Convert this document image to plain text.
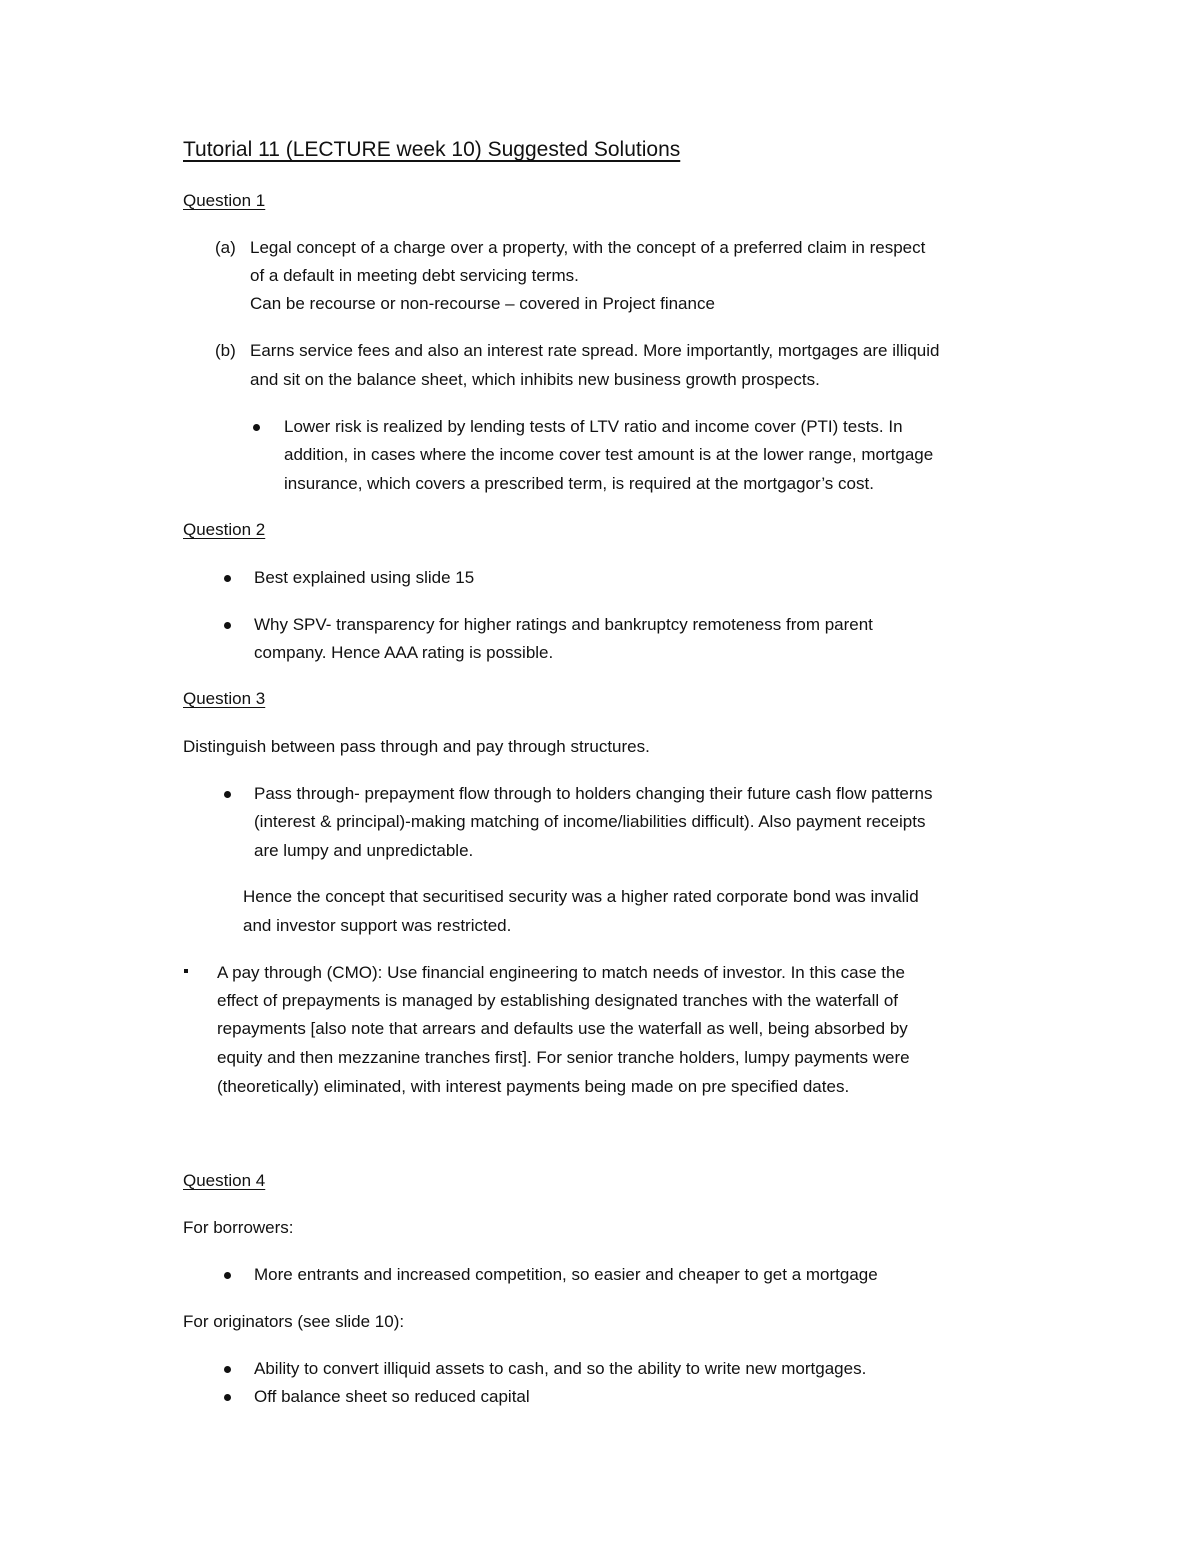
Tutorial 11 (LECTURE week 10) Suggested Solutions
Question 1
(a) Legal concept of a charge over a property, with the concept of a preferred claim in respect
of a default in meeting debt servicing terms.
Can be recourse or non-recourse – covered in Project finance
(b) Earns service fees and also an interest rate spread. More importantly, mortgages are illiquid
and sit on the balance sheet, which inhibits new business growth prospects.
Lower risk is realized by lending tests of LTV ratio and income cover (PTI) tests. In
addition, in cases where the income cover test amount is at the lower range, mortgage
insurance, which covers a prescribed term, is required at the mortgagor’s cost.
Question 2
Best explained using slide 15
Why SPV- transparency for higher ratings and bankruptcy remoteness from parent
company. Hence AAA rating is possible.
Question 3
Distinguish between pass through and pay through structures.
Pass through- prepayment flow through to holders changing their future cash flow patterns
(interest & principal)-making matching of income/liabilities difficult). Also payment receipts
are lumpy and unpredictable.
Hence the concept that securitised security was a higher rated corporate bond was invalid
and investor support was restricted.
A pay through (CMO): Use financial engineering to match needs of investor. In this case the
effect of prepayments is managed by establishing designated tranches with the waterfall of
repayments [also note that arrears and defaults use the waterfall as well, being absorbed by
equity and then mezzanine tranches first]. For senior tranche holders, lumpy payments were
(theoretically) eliminated, with interest payments being made on pre specified dates.
Question 4
For borrowers:
More entrants and increased competition, so easier and cheaper to get a mortgage
For originators (see slide 10):
Ability to convert illiquid assets to cash, and so the ability to write new mortgages.
Off balance sheet so reduced capital
